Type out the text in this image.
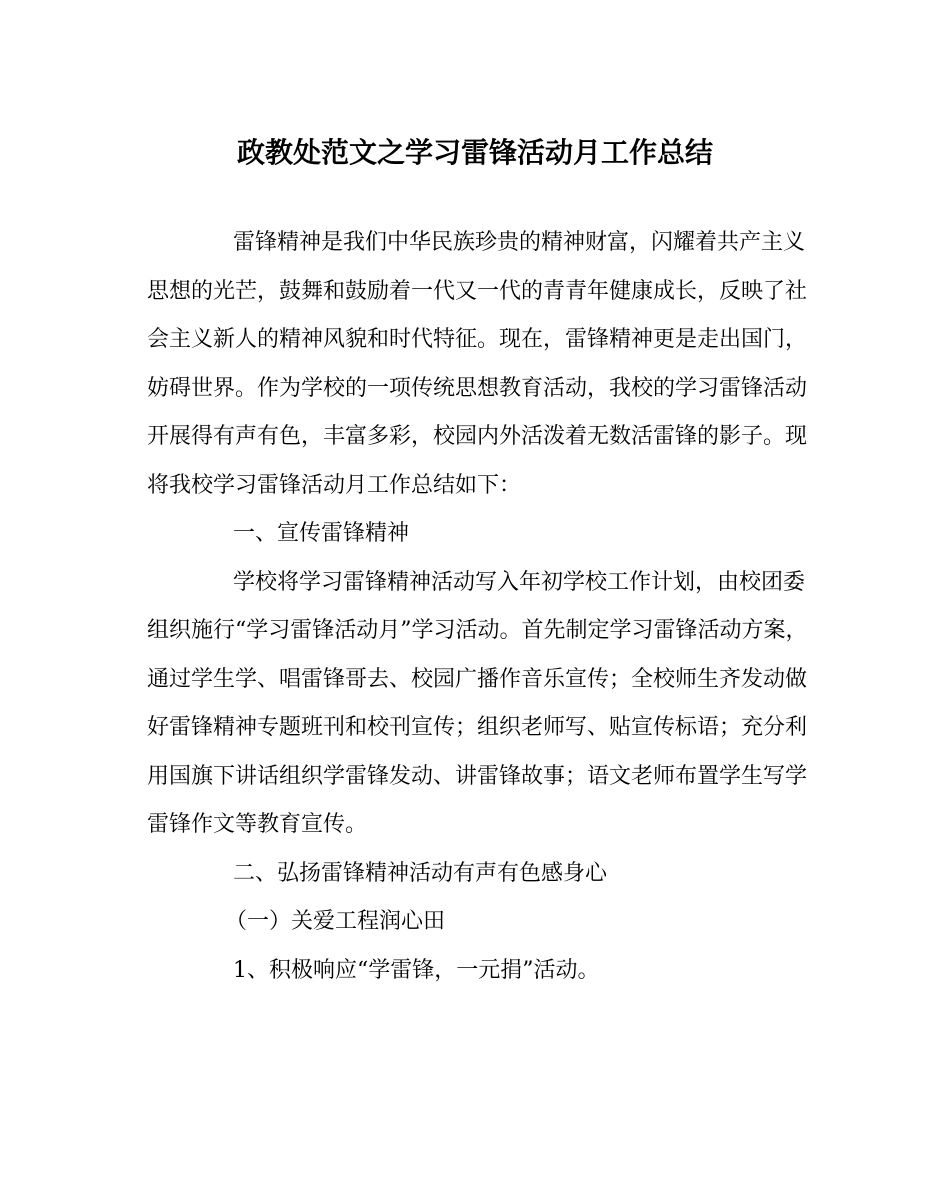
政教处范文之学习雷锋活动月工作总结
雷锋精神是我们中华民族珍贵的精神财富，闪耀着共产主义
思想的光芒，鼓舞和鼓励着一代又一代的青青年健康成长，反映了社
会主义新人的精神风貌和时代特征。现在，雷锋精神更是走出国门，
妨碍世界。作为学校的一项传统思想教育活动，我校的学习雷锋活动
开展得有声有色，丰富多彩，校园内外活泼着无数活雷锋的影子。现
将我校学习雷锋活动月工作总结如下：
一、宣传雷锋精神
学校将学习雷锋精神活动写入年初学校工作计划，由校团委
组织施行“学习雷锋活动月”学习活动。首先制定学习雷锋活动方案，
通过学生学、唱雷锋哥去、校园广播作音乐宣传；全校师生齐发动做
好雷锋精神专题班刊和校刊宣传；组织老师写、贴宣传标语；充分利
用国旗下讲话组织学雷锋发动、讲雷锋故事；语文老师布置学生写学
雷锋作文等教育宣传。
二、弘扬雷锋精神活动有声有色感身心
（一）关爱工程润心田
1、积极响应“学雷锋，一元捐”活动。
